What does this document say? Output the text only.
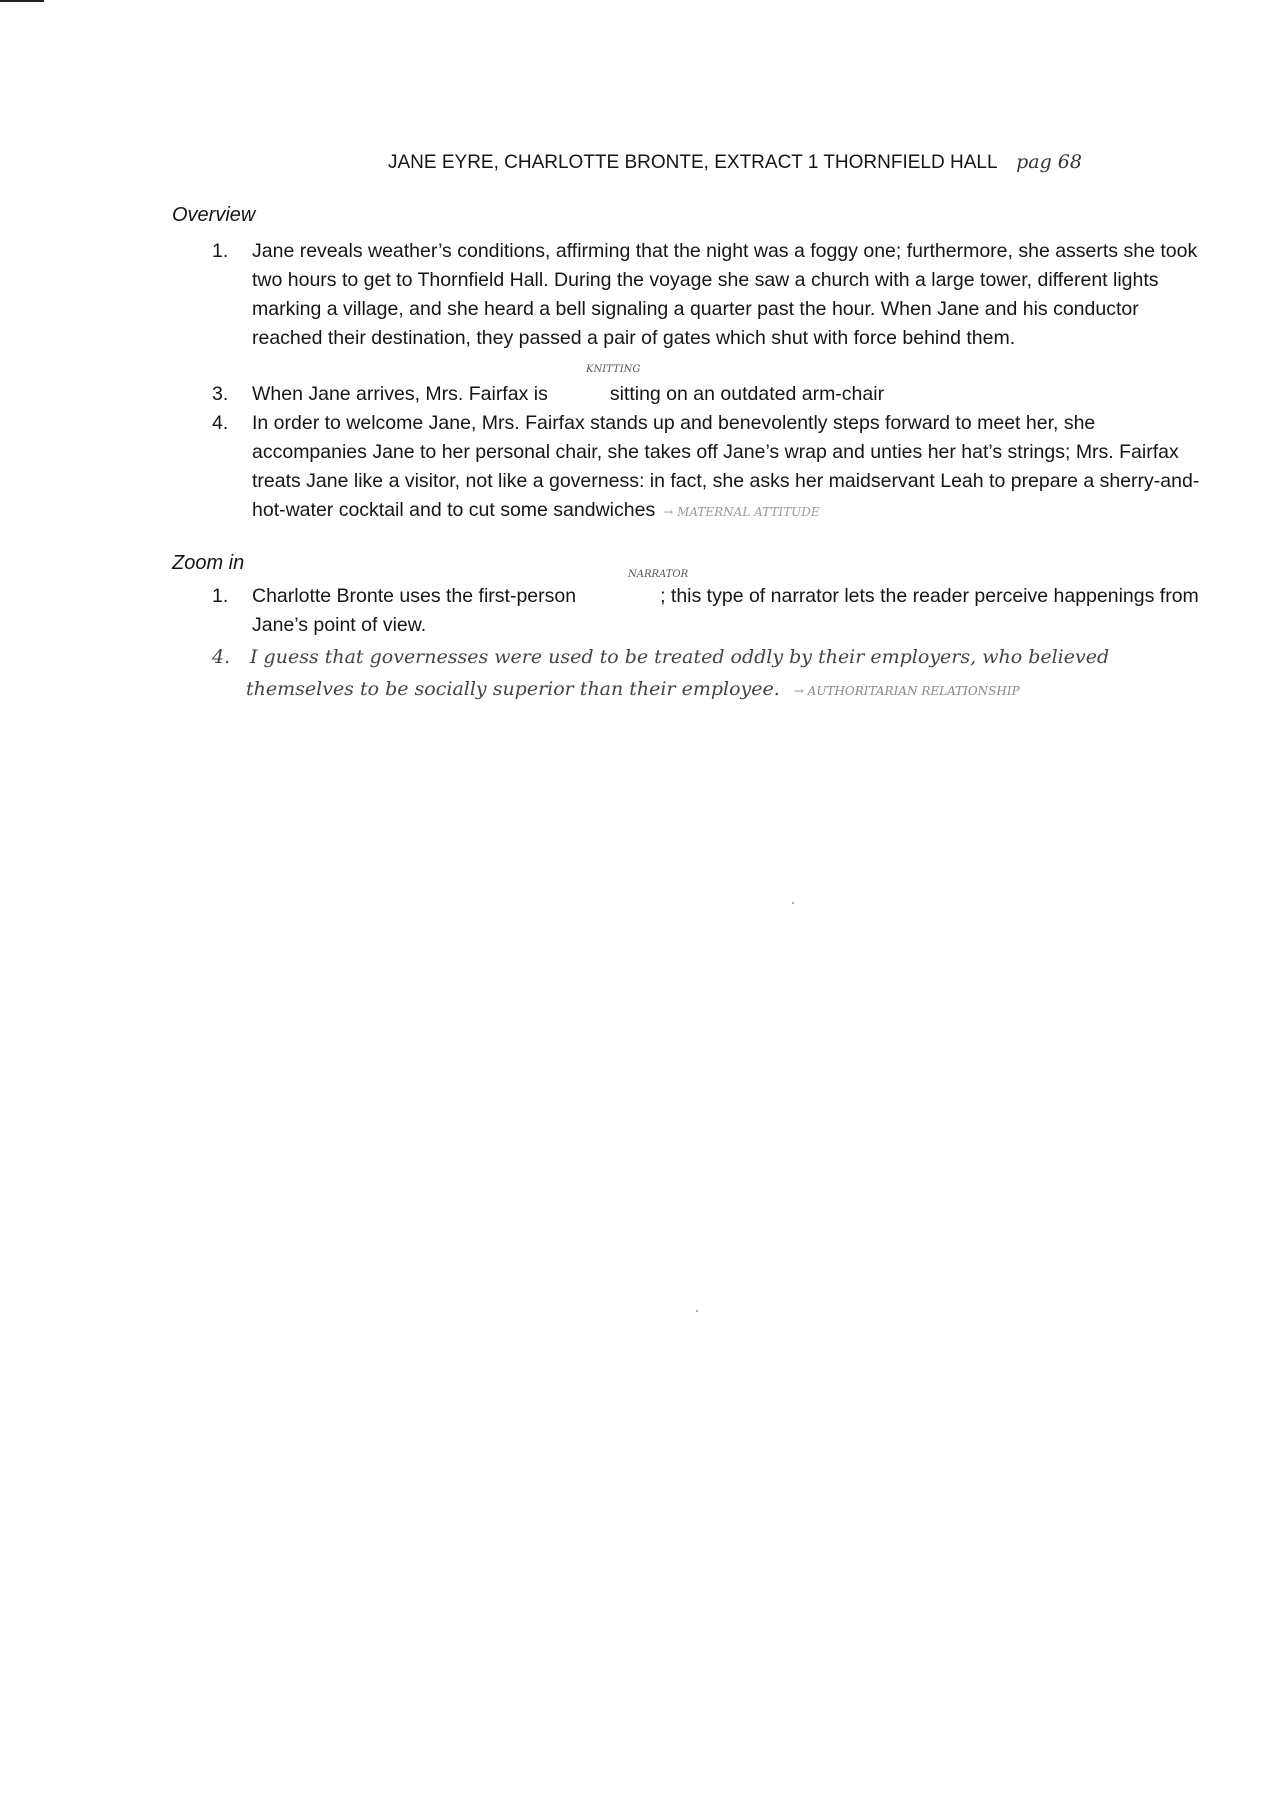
JANE EYRE, CHARLOTTE BRONTE, EXTRACT 1 THORNFIELD HALL pag 68
Overview
1. Jane reveals weather’s conditions, affirming that the night was a foggy one; furthermore, she asserts she took two hours to get to Thornfield Hall. During the voyage she saw a church with a large tower, different lights marking a village, and she heard a bell signaling a quarter past the hour. When Jane and his conductor reached their destination, they passed a pair of gates which shut with force behind them.
KNITTING
3. When Jane arrives, Mrs. Fairfax is	sitting on an outdated arm-chair
4. In order to welcome Jane, Mrs. Fairfax stands up and benevolently steps forward to meet her, she accompanies Jane to her personal chair, she takes off Jane’s wrap and unties her hat’s strings; Mrs. Fairfax treats Jane like a visitor, not like a governess: in fact, she asks her maidservant Leah to prepare a sherry-and-hot-water cocktail and to cut some sandwiches → MATERNAL ATTITUDE
Zoom in
NARRATOR
1. Charlotte Bronte uses the first-person	; this type of narrator lets the reader perceive happenings from Jane’s point of view.
4. I guess that governesses were used to be treated oddly by their employers, who believed
themselves to be socially superior than their employee. → AUTHORITARIAN RELATIONSHIP
